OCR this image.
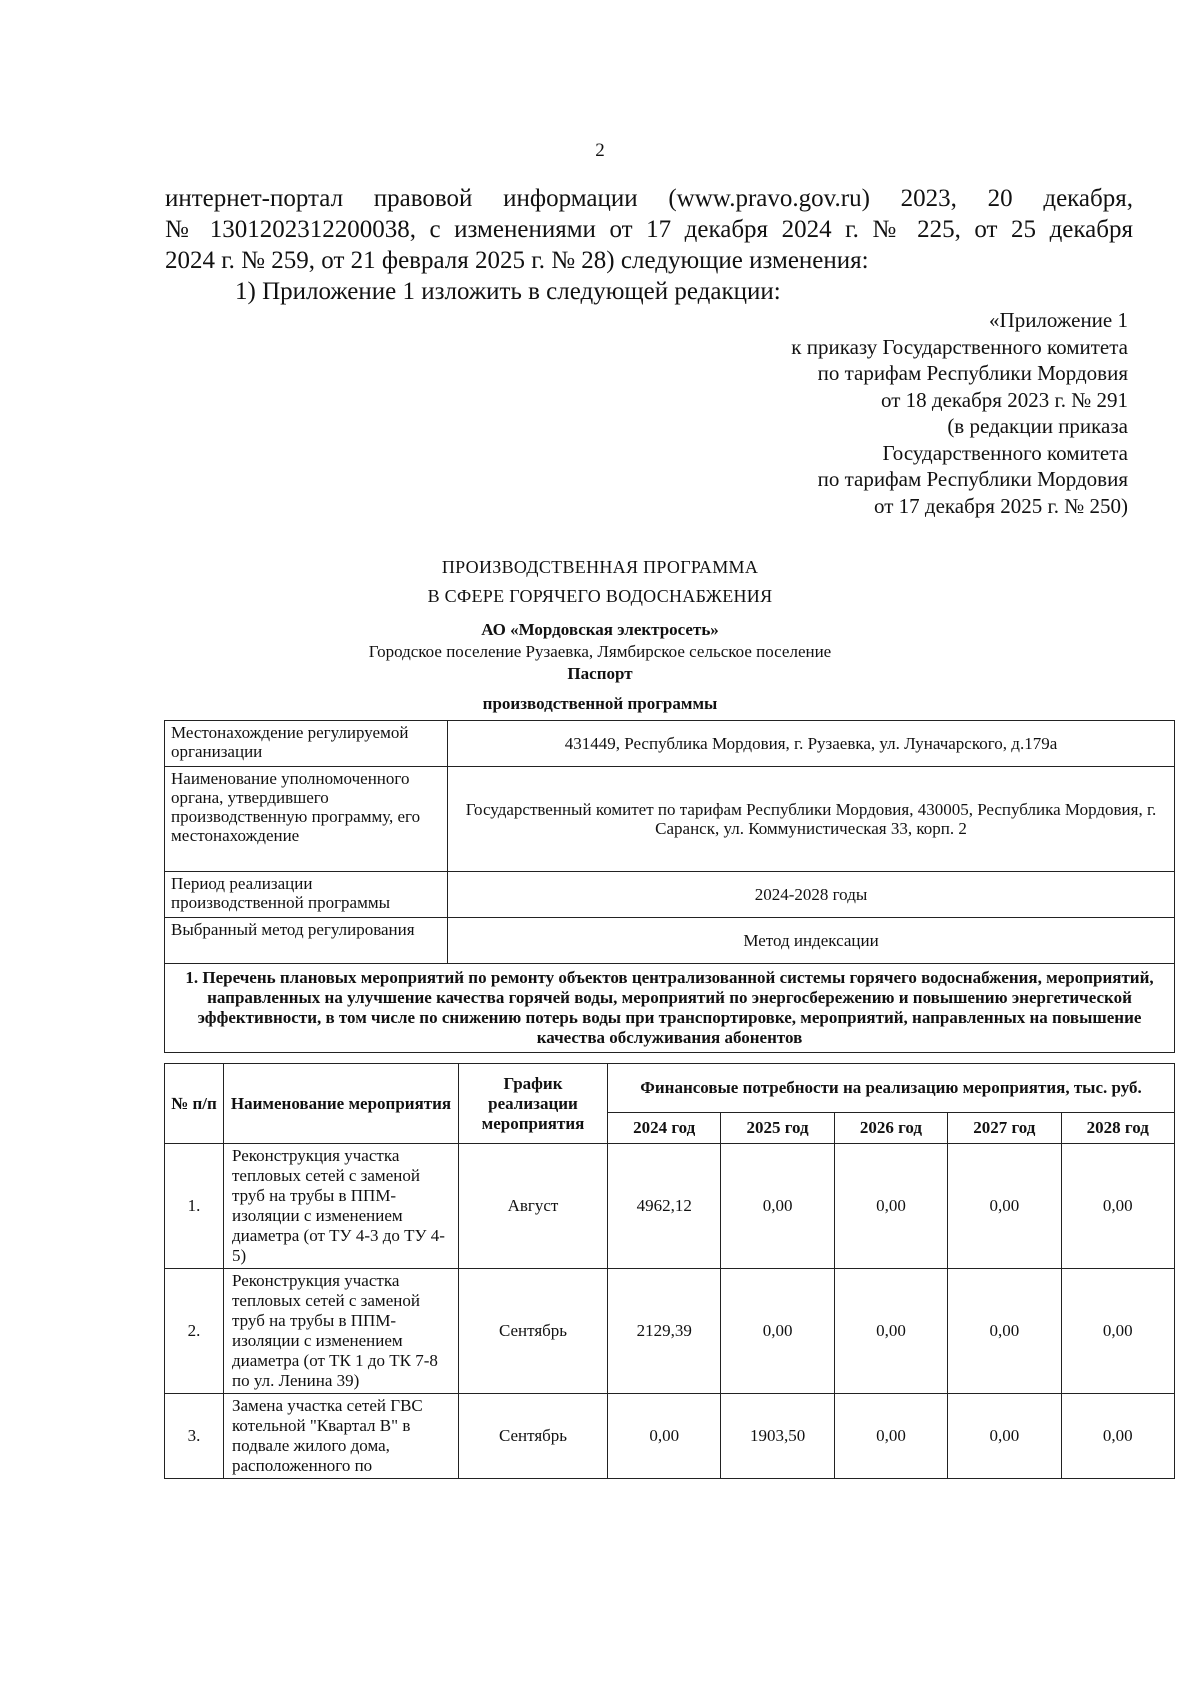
2
интернет-портал правовой информации (www.pravo.gov.ru) 2023, 20 декабря,
№ 1301202312200038, с изменениями от 17 декабря 2024 г. № 225, от 25 декабря
2024 г. № 259, от 21 февраля 2025 г. № 28) следующие изменения:
1) Приложение 1 изложить в следующей редакции:
«Приложение 1
к приказу Государственного комитета
по тарифам Республики Мордовия
от 18 декабря 2023 г. № 291
(в редакции приказа
Государственного комитета
по тарифам Республики Мордовия
от 17 декабря 2025 г. № 250)
ПРОИЗВОДСТВЕННАЯ ПРОГРАММА
В СФЕРЕ ГОРЯЧЕГО ВОДОСНАБЖЕНИЯ
АО «Мордовская электросеть»
Городское поселение Рузаевка, Лямбирское сельское поселение
Паспорт
производственной программы
Местонахождение регулируемой организации	431449, Республика Мордовия, г. Рузаевка, ул. Луначарского, д.179а
Наименование уполномоченного органа, утвердившего производственную программу, его местонахождение	Государственный комитет по тарифам Республики Мордовия, 430005, Республика Мордовия, г. Саранск, ул. Коммунистическая 33, корп. 2
Период реализации производственной программы	2024-2028 годы
Выбранный метод регулирования	Метод индексации
1. Перечень плановых мероприятий по ремонту объектов централизованной системы горячего водоснабжения, мероприятий, направленных на улучшение качества горячей воды, мероприятий по энергосбережению и повышению энергетической эффективности, в том числе по снижению потерь воды при транспортировке, мероприятий, направленных на повышение качества обслуживания абонентов	
№ п/п	Наименование мероприятия	График реализации мероприятия	Финансовые потребности на реализацию мероприятия, тыс. руб.				
			2024 год	2025 год	2026 год	2027 год	2028 год
1.	Реконструкция участка тепловых сетей с заменой труб на трубы в ППМ-изоляции с изменением диаметра (от ТУ 4-3 до ТУ 4-5)	Август	4962,12	0,00	0,00	0,00	0,00
2.	Реконструкция участка тепловых сетей с заменой труб на трубы в ППМ-изоляции с изменением диаметра (от ТК 1 до ТК 7-8 по ул. Ленина 39)	Сентябрь	2129,39	0,00	0,00	0,00	0,00
3.	Замена участка сетей ГВС котельной "Квартал В" в подвале жилого дома, расположенного по	Сентябрь	0,00	1903,50	0,00	0,00	0,00
